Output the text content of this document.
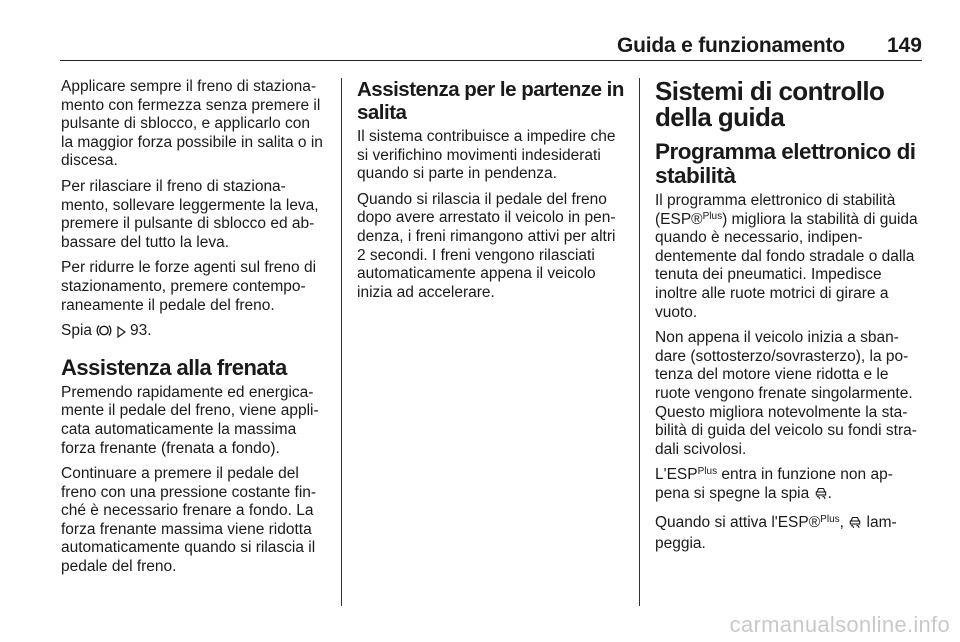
Guida e funzionamento 149

Applicare sempre il freno di staziona-mento con fermezza senza premere il pulsante di sblocco, e applicarlo con la maggior forza possibile in salita o in discesa.

Per rilasciare il freno di staziona-mento, sollevare leggermente la leva, premere il pulsante di sblocco ed ab-bassare del tutto la leva.

Per ridurre le forze agenti sul freno di stazionamento, premere contempo-raneamente il pedale del freno.

Spia   93.

Assistenza alla frenata

Premendo rapidamente ed energica-mente il pedale del freno, viene appli-cata automaticamente la massima forza frenante (frenata a fondo).

Continuare a premere il pedale del freno con una pressione costante fin-ché è necessario frenare a fondo. La forza frenante massima viene ridotta automaticamente quando si rilascia il pedale del freno.

Assistenza per le partenze in salita

Il sistema contribuisce a impedire che si verifichino movimenti indesiderati quando si parte in pendenza.

Quando si rilascia il pedale del freno dopo avere arrestato il veicolo in pen-denza, i freni rimangono attivi per altri 2 secondi. I freni vengono rilasciati automaticamente appena il veicolo inizia ad accelerare.

Sistemi di controllo della guida
Programma elettronico di stabilità

Il programma elettronico di stabilità (ESP®$^{Plus}$) migliora la stabilità di guida quando è necessario, indipen-dentemente dal fondo stradale o dalla tenuta dei pneumatici. Impedisce inoltre alle ruote motrici di girare a vuoto.

Non appena il veicolo inizia a sban-dare (sottosterzo/sovrasterzo), la po-tenza del motore viene ridotta e le ruote vengono frenate singolarmente. Questo migliora notevolmente la sta-bilità di guida del veicolo su fondi stra-dali scivolosi.

$L'ESP^{Plus}$ entra in funzione non ap-pena si spegne la spia .

Quando si attiva l'ESP®$^{Plus}$,  lam-peggia.

carmanualsonline.info
